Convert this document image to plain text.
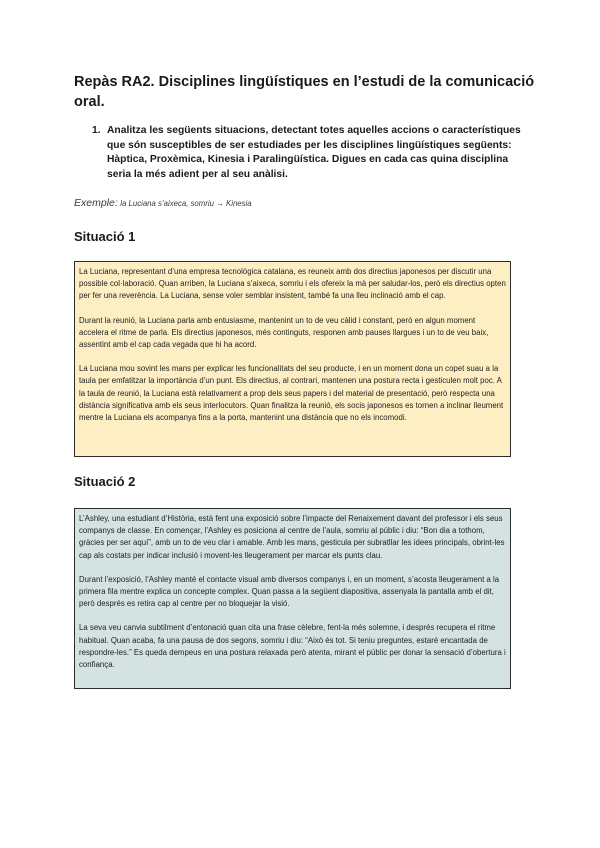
Repàs RA2. Disciplines lingüístiques en l’estudi de la comunicació oral.
1. Analitza les següents situacions, detectant totes aquelles accions o característiques que són susceptibles de ser estudiades per les disciplines lingüístiques següents: Hàptica, Proxèmica, Kinesia i Paralingüística. Digues en cada cas quina disciplina seria la més adient per al seu anàlisi.
Exemple: la Luciana s’aixeca, somriu → Kinesia
Situació 1

La Luciana, representant d’una empresa tecnològica catalana, es reuneix amb dos directius japonesos per discutir una possible col·laboració. Quan arriben, la Luciana s’aixeca, somriu i els ofereix la mà per saludar-los, però els directius opten per fer una reverència. La Luciana, sense voler semblar insistent, també fa una lleu inclinació amb el cap.

Durant la reunió, la Luciana parla amb entusiasme, mantenint un to de veu càlid i constant, però en algun moment accelera el ritme de parla. Els directius japonesos, més continguts, responen amb pauses llargues i un to de veu baix, assentint amb el cap cada vegada que hi ha acord.

La Luciana mou sovint les mans per explicar les funcionalitats del seu producte, i en un moment dona un copet suau a la taula per emfatitzar la importància d’un punt. Els directius, al contrari, mantenen una postura recta i gesticulen molt poc. A la taula de reunió, la Luciana està relativament a prop dels seus papers i del material de presentació, però respecta una distància significativa amb els seus interlocutors. Quan finalitza la reunió, els socis japonesos es tornen a inclinar lleument mentre la Luciana els acompanya fins a la porta, mantenint una distància que no els incomodi.

Situació 2

L’Ashley, una estudiant d’Història, està fent una exposició sobre l’impacte del Renaixement davant del professor i els seus companys de classe. En començar, l’Ashley es posiciona al centre de l’aula, somriu al públic i diu: “Bon dia a tothom, gràcies per ser aquí”, amb un to de veu clar i amable. Amb les mans, gesticula per subratllar les idees principals, obrint-les cap als costats per indicar inclusió i movent-les lleugerament per marcar els punts clau.

Durant l’exposició, l’Ashley manté el contacte visual amb diversos companys i, en un moment, s’acosta lleugerament a la primera fila mentre explica un concepte complex. Quan passa a la següent diapositiva, assenyala la pantalla amb el dit, però després es retira cap al centre per no bloquejar la visió.

La seva veu canvia subtilment d’entonació quan cita una frase cèlebre, fent-la més solemne, i després recupera el ritme habitual. Quan acaba, fa una pausa de dos segons, somriu i diu: “Això és tot. Si teniu preguntes, estaré encantada de respondre-les.” Es queda dempeus en una postura relaxada però atenta, mirant el públic per donar la sensació d’obertura i confiança.
